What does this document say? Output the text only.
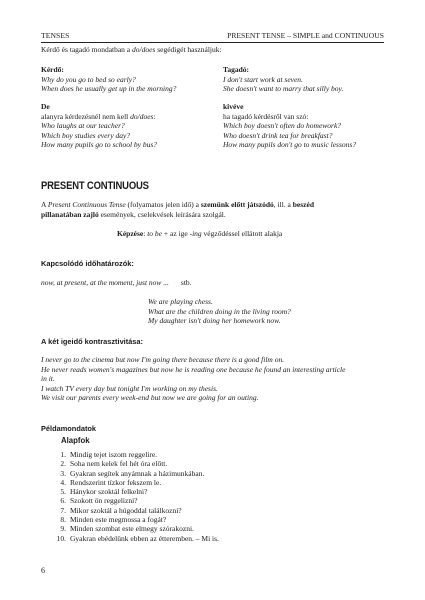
TENSES	PRESENT TENSE – SIMPLE and CONTINUOUS
Kérdő és tagadó mondatban a do/does segédigét használjuk:
Kérdő:
Why do you go to bed so early?
When does he usually get up in the morning?
Tagadó:
I don't start work at seven.
She doesn't want to marry that silly boy.
De
alanyra kérdezésnél nem kell do/does:
Who laughs at our teacher?
Which boy studies every day?
How many pupils go to school by bus?
kivéve
ha tagadó kérdésről van szó:
Which boy doesn't often do homework?
Who doesn't drink tea for breakfast?
How many pupils don't go to music lessons?
PRESENT CONTINUOUS
A Present Continuous Tense (folyamatos jelen idő) a szemünk előtt játszódó, ill. a beszéd
pillanatában zajló események, cselekvések leírására szolgál.
Képzése: to be + az ige -ing végződéssel ellátott alakja
Kapcsolódó időhatározók:
now, at present, at the moment, just now ... stb.
We are playing chess.
What are the children doing in the living room?
My daughter isn't doing her homework now.
A két igeidő kontrasztivitása:
I never go to the cinema but now I'm going there because there is a good film on.
He never reads women's magazines but now he is reading one because he found an interesting article
in it.
I watch TV every day but tonight I'm working on my thesis.
We visit our parents every week-end but now we are going for an outing.
Példamondatok
Alapfok
1. Mindig tejet iszom reggelire.
2. Soha nem kelek fel hét óra előtt.
3. Gyakran segítek anyámnak a házimunkában.
4. Rendszerint tízkor fekszem le.
5. Hánykor szoktál felkelni?
6. Szokott ön reggelizni?
7. Mikor szoktál a húgoddal találkozni?
8. Minden este megmossa a fogát?
9. Minden szombat este elmegy szórakozni.
10. Gyakran ebédelünk ebben az étteremben. – Mi is.
6
